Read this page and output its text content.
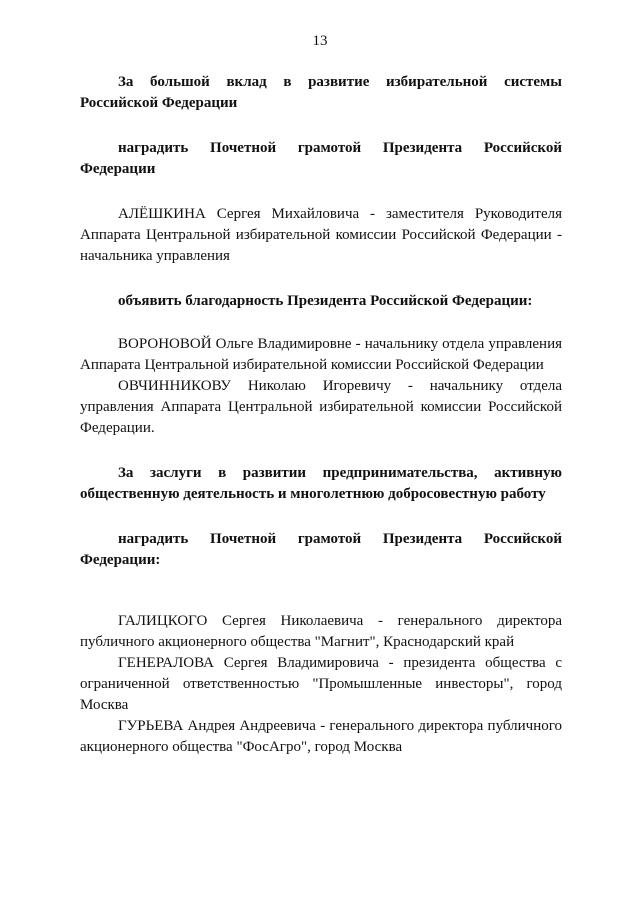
13

За большой вклад в развитие избирательной системы Российской Федерации

наградить Почетной грамотой Президента Российской Федерации

АЛЁШКИНА Сергея Михайловича - заместителя Руководителя Аппарата Центральной избирательной комиссии Российской Федерации - начальника управления

объявить благодарность Президента Российской Федерации:

ВОРОНОВОЙ Ольге Владимировне - начальнику отдела управления Аппарата Центральной избирательной комиссии Российской Федерации

ОВЧИННИКОВУ Николаю Игоревичу - начальнику отдела управления Аппарата Центральной избирательной комиссии Российской Федерации.

За заслуги в развитии предпринимательства, активную общественную деятельность и многолетнюю добросовестную работу

наградить Почетной грамотой Президента Российской Федерации:

ГАЛИЦКОГО Сергея Николаевича - генерального директора публичного акционерного общества "Магнит", Краснодарский край

ГЕНЕРАЛОВА Сергея Владимировича - президента общества с ограниченной ответственностью "Промышленные инвесторы", город Москва

ГУРЬЕВА Андрея Андреевича - генерального директора публичного акционерного общества "ФосАгро", город Москва
